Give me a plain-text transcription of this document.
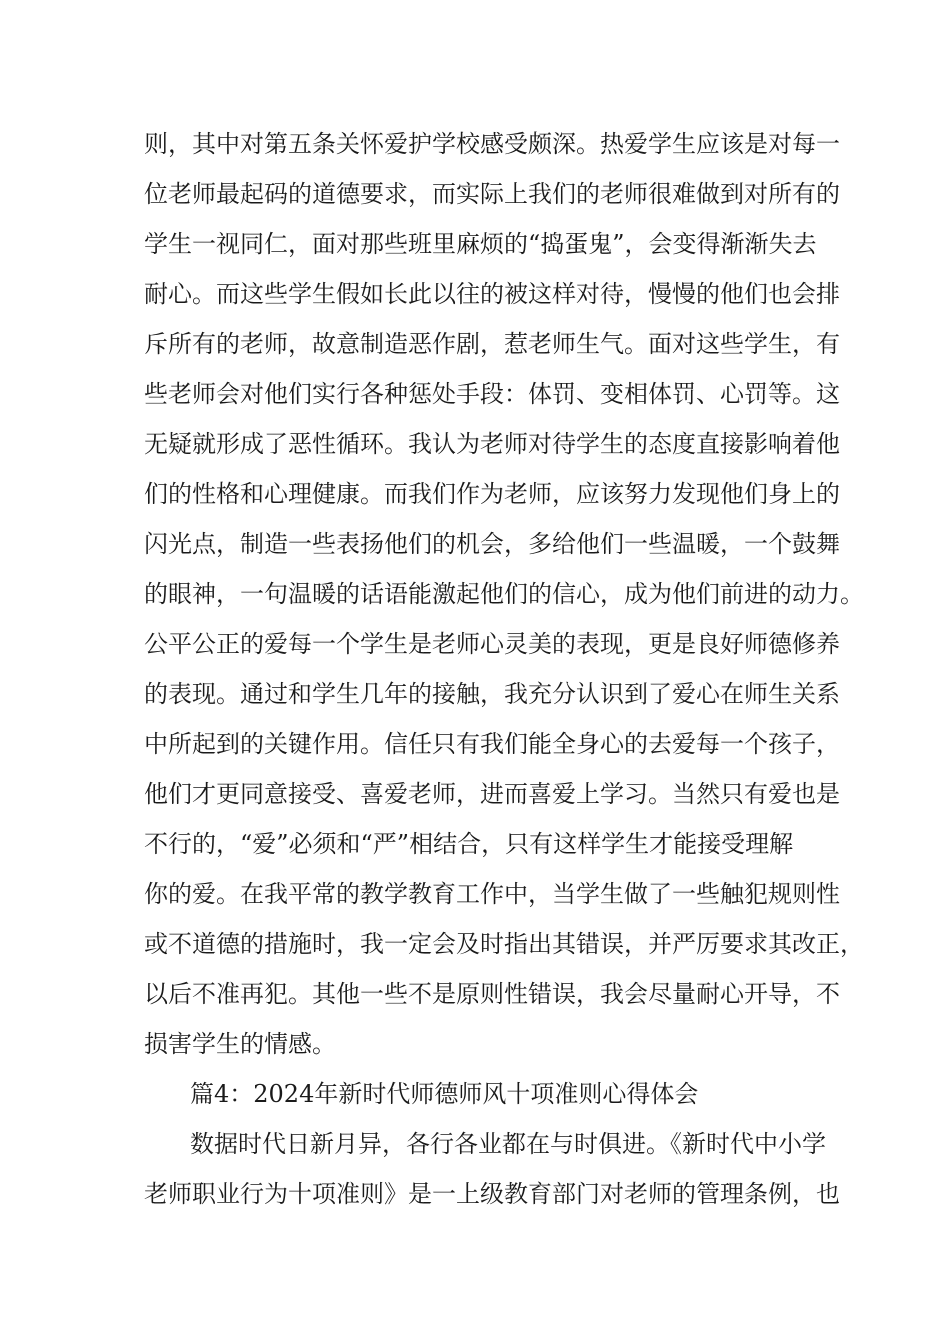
则，其中对第五条关怀爱护学校感受颇深。热爱学生应该是对每一
位老师最起码的道德要求，而实际上我们的老师很难做到对所有的
学生一视同仁，面对那些班里麻烦的“捣蛋鬼”，会变得渐渐失去
耐心。而这些学生假如长此以往的被这样对待，慢慢的他们也会排
斥所有的老师，故意制造恶作剧，惹老师生气。面对这些学生，有
些老师会对他们实行各种惩处手段：体罚、变相体罚、心罚等。这
无疑就形成了恶性循环。我认为老师对待学生的态度直接影响着他
们的性格和心理健康。而我们作为老师，应该努力发现他们身上的
闪光点，制造一些表扬他们的机会，多给他们一些温暖，一个鼓舞
的眼神，一句温暖的话语能激起他们的信心，成为他们前进的动力。
公平公正的爱每一个学生是老师心灵美的表现，更是良好师德修养
的表现。通过和学生几年的接触，我充分认识到了爱心在师生关系
中所起到的关键作用。信任只有我们能全身心的去爱每一个孩子，
他们才更同意接受、喜爱老师，进而喜爱上学习。当然只有爱也是
不行的，“爱”必须和“严”相结合，只有这样学生才能接受理解
你的爱。在我平常的教学教育工作中，当学生做了一些触犯规则性
或不道德的措施时，我一定会及时指出其错误，并严厉要求其改正，
以后不准再犯。其他一些不是原则性错误，我会尽量耐心开导，不
损害学生的情感。
篇4：2024年新时代师德师风十项准则心得体会
数据时代日新月异，各行各业都在与时俱进。《新时代中小学
老师职业行为十项准则》是一上级教育部门对老师的管理条例，也
